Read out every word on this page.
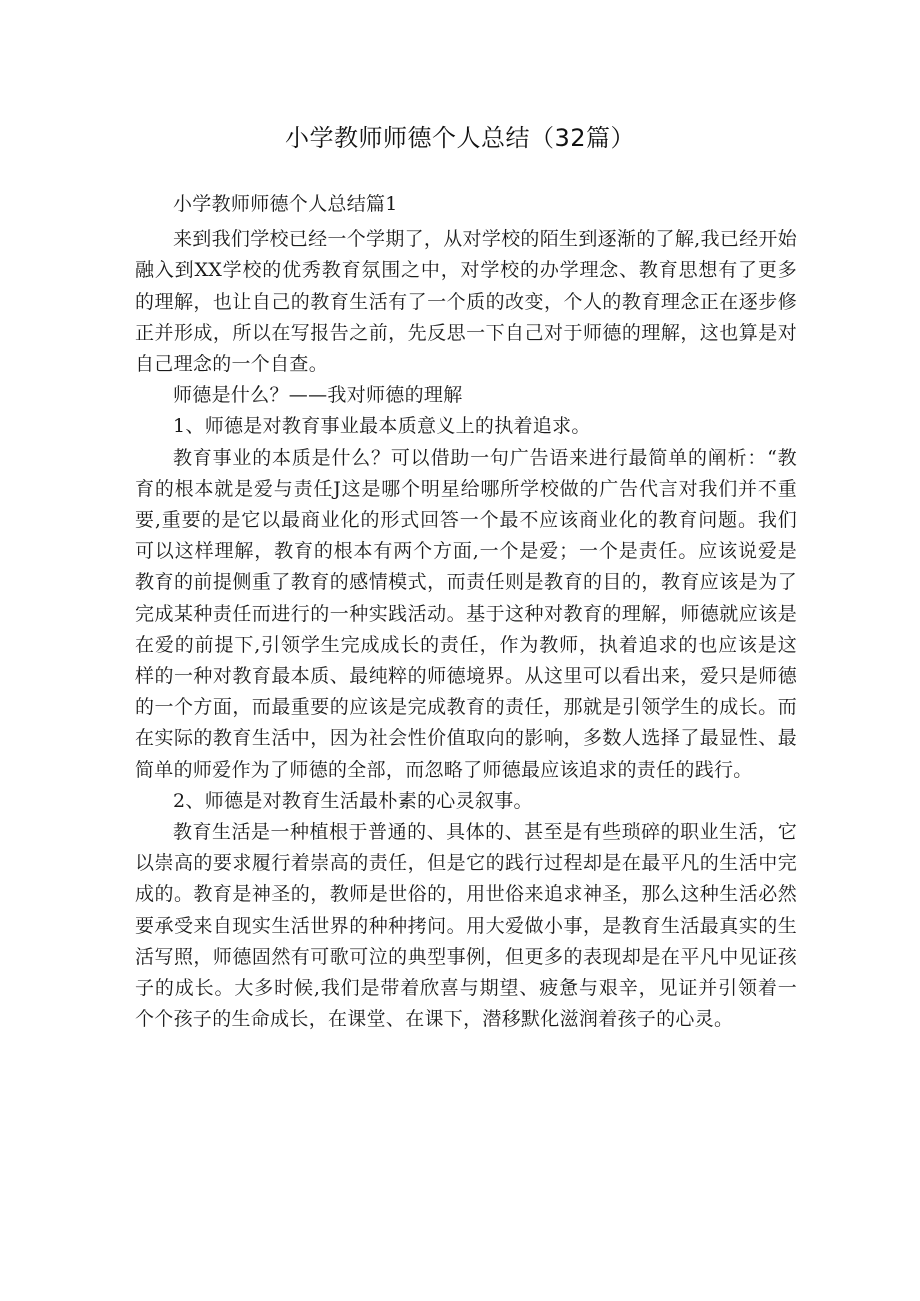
小学教师师德个人总结（32篇）

小学教师师德个人总结篇1

来到我们学校已经一个学期了，从对学校的陌生到逐渐的了解,我已经开始融入到XX学校的优秀教育氛围之中，对学校的办学理念、教育思想有了更多的理解，也让自己的教育生活有了一个质的改变，个人的教育理念正在逐步修正并形成，所以在写报告之前，先反思一下自己对于师德的理解，这也算是对自己理念的一个自查。

师德是什么？——我对师德的理解

1、师德是对教育事业最本质意义上的执着追求。

教育事业的本质是什么？可以借助一句广告语来进行最简单的阐析：“教育的根本就是爱与责任J这是哪个明星给哪所学校做的广告代言对我们并不重要,重要的是它以最商业化的形式回答一个最不应该商业化的教育问题。我们可以这样理解，教育的根本有两个方面,一个是爱；一个是责任。应该说爱是教育的前提侧重了教育的感情模式，而责任则是教育的目的，教育应该是为了完成某种责任而进行的一种实践活动。基于这种对教育的理解，师德就应该是在爱的前提下,引领学生完成成长的责任，作为教师，执着追求的也应该是这样的一种对教育最本质、最纯粹的师德境界。从这里可以看出来，爱只是师德的一个方面，而最重要的应该是完成教育的责任，那就是引领学生的成长。而在实际的教育生活中，因为社会性价值取向的影响，多数人选择了最显性、最简单的师爱作为了师德的全部，而忽略了师德最应该追求的责任的践行。

2、师德是对教育生活最朴素的心灵叙事。

教育生活是一种植根于普通的、具体的、甚至是有些琐碎的职业生活，它以崇高的要求履行着崇高的责任，但是它的践行过程却是在最平凡的生活中完成的。教育是神圣的，教师是世俗的，用世俗来追求神圣，那么这种生活必然要承受来自现实生活世界的种种拷问。用大爱做小事，是教育生活最真实的生活写照，师德固然有可歌可泣的典型事例，但更多的表现却是在平凡中见证孩子的成长。大多时候,我们是带着欣喜与期望、疲惫与艰辛，见证并引领着一个个孩子的生命成长，在课堂、在课下，潜移默化滋润着孩子的心灵。
